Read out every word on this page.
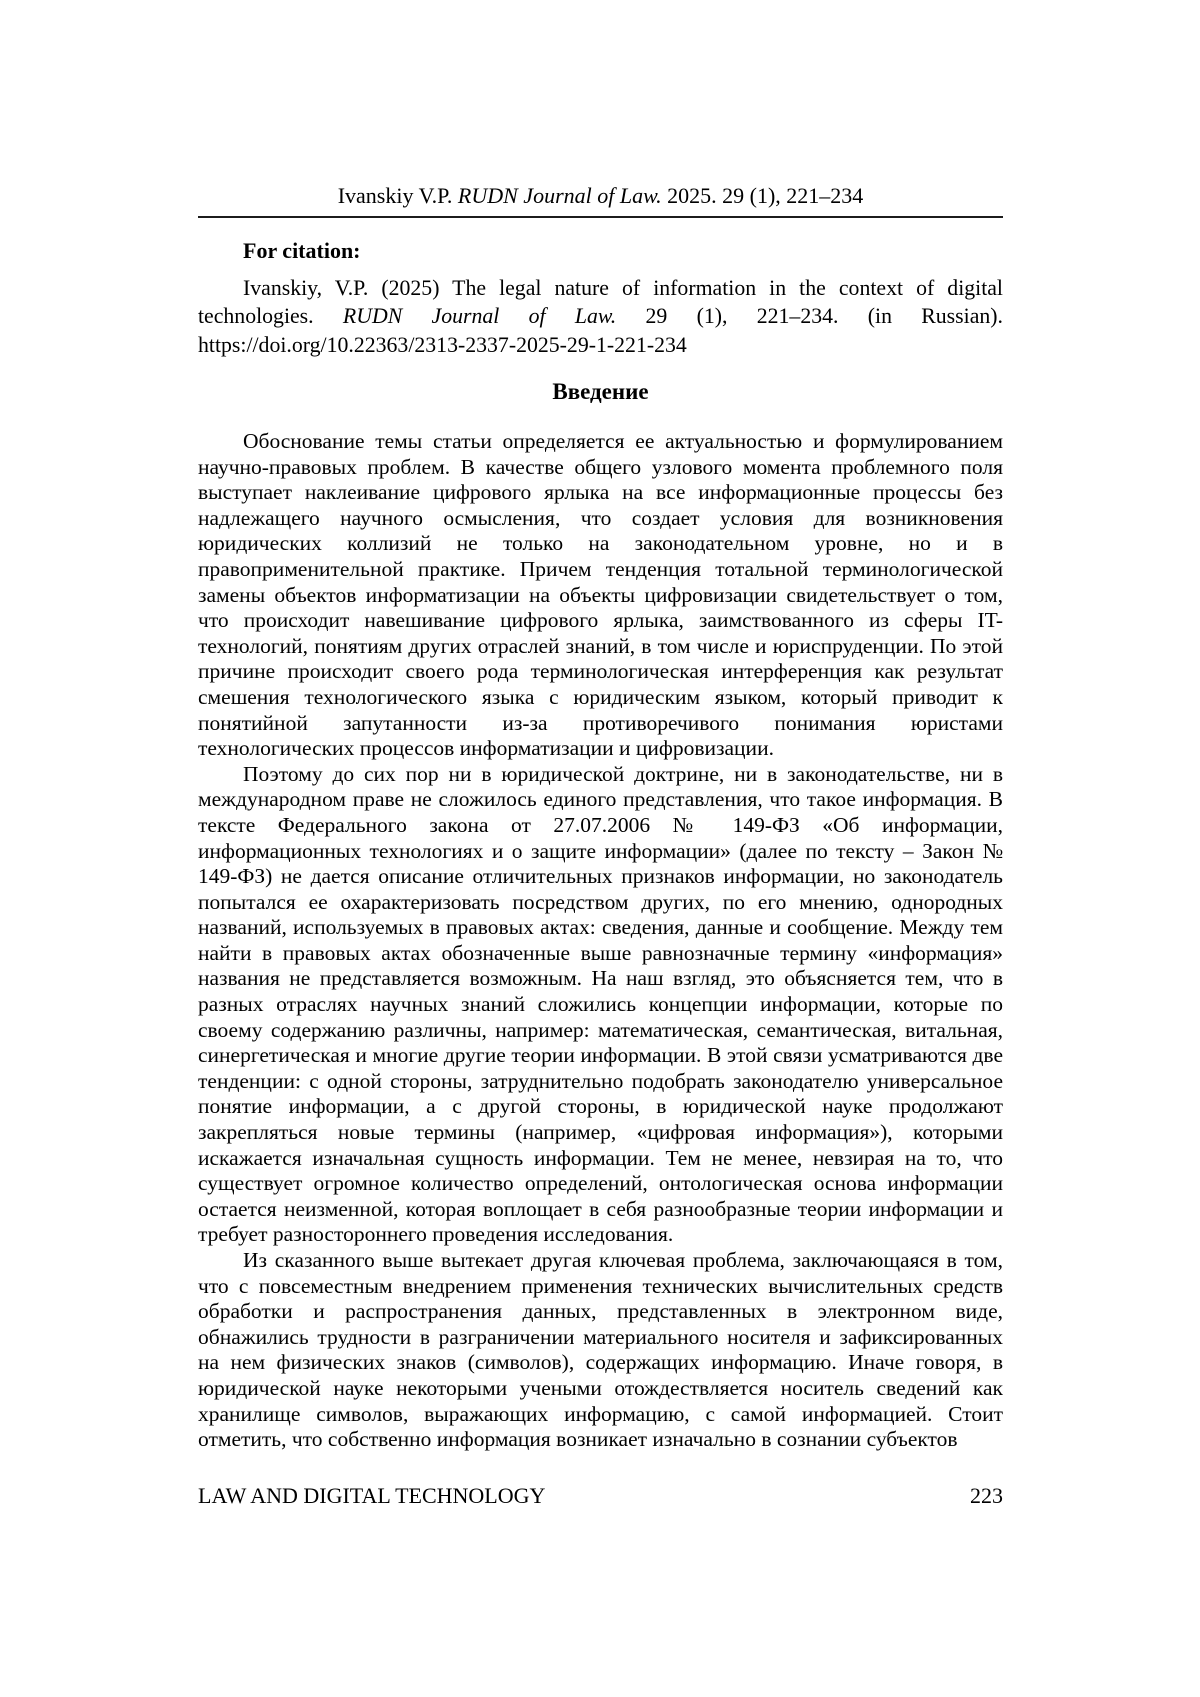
Ivanskiy V.P. RUDN Journal of Law. 2025. 29 (1), 221–234

For citation:

Ivanskiy, V.P. (2025) The legal nature of information in the context of digital technologies. RUDN Journal of Law. 29 (1), 221–234. (in Russian). https://doi.org/10.22363/2313-2337-2025-29-1-221-234

Введение

Обоснование темы статьи определяется ее актуальностью и формулированием научно-правовых проблем. В качестве общего узлового момента проблемного поля выступает наклеивание цифрового ярлыка на все информационные процессы без надлежащего научного осмысления, что создает условия для возникновения юридических коллизий не только на законодательном уровне, но и в правоприменительной практике. Причем тенденция тотальной терминологической замены объектов информатизации на объекты цифровизации свидетельствует о том, что происходит навешивание цифрового ярлыка, заимствованного из сферы IT-технологий, понятиям других отраслей знаний, в том числе и юриспруденции. По этой причине происходит своего рода терминологическая интерференция как результат смешения технологического языка с юридическим языком, который приводит к понятийной запутанности из-за противоречивого понимания юристами технологических процессов информатизации и цифровизации.

Поэтому до сих пор ни в юридической доктрине, ни в законодательстве, ни в международном праве не сложилось единого представления, что такое информация. В тексте Федерального закона от 27.07.2006 № 149-ФЗ «Об информации, информационных технологиях и о защите информации» (далее по тексту – Закон № 149-ФЗ) не дается описание отличительных признаков информации, но законодатель попытался ее охарактеризовать посредством других, по его мнению, однородных названий, используемых в правовых актах: сведения, данные и сообщение. Между тем найти в правовых актах обозначенные выше равнозначные термину «информация» названия не представляется возможным. На наш взгляд, это объясняется тем, что в разных отраслях научных знаний сложились концепции информации, которые по своему содержанию различны, например: математическая, семантическая, витальная, синергетическая и многие другие теории информации. В этой связи усматриваются две тенденции: с одной стороны, затруднительно подобрать законодателю универсальное понятие информации, а с другой стороны, в юридической науке продолжают закрепляться новые термины (например, «цифровая информация»), которыми искажается изначальная сущность информации. Тем не менее, невзирая на то, что существует огромное количество определений, онтологическая основа информации остается неизменной, которая воплощает в себя разнообразные теории информации и требует разностороннего проведения исследования.

Из сказанного выше вытекает другая ключевая проблема, заключающаяся в том, что с повсеместным внедрением применения технических вычислительных средств обработки и распространения данных, представленных в электронном виде, обнажились трудности в разграничении материального носителя и зафиксированных на нем физических знаков (символов), содержащих информацию. Иначе говоря, в юридической науке некоторыми учеными отождествляется носитель сведений как хранилище символов, выражающих информацию, с самой информацией. Стоит отметить, что собственно информация возникает изначально в сознании субъектов

LAW AND DIGITAL TECHNOLOGY	223
